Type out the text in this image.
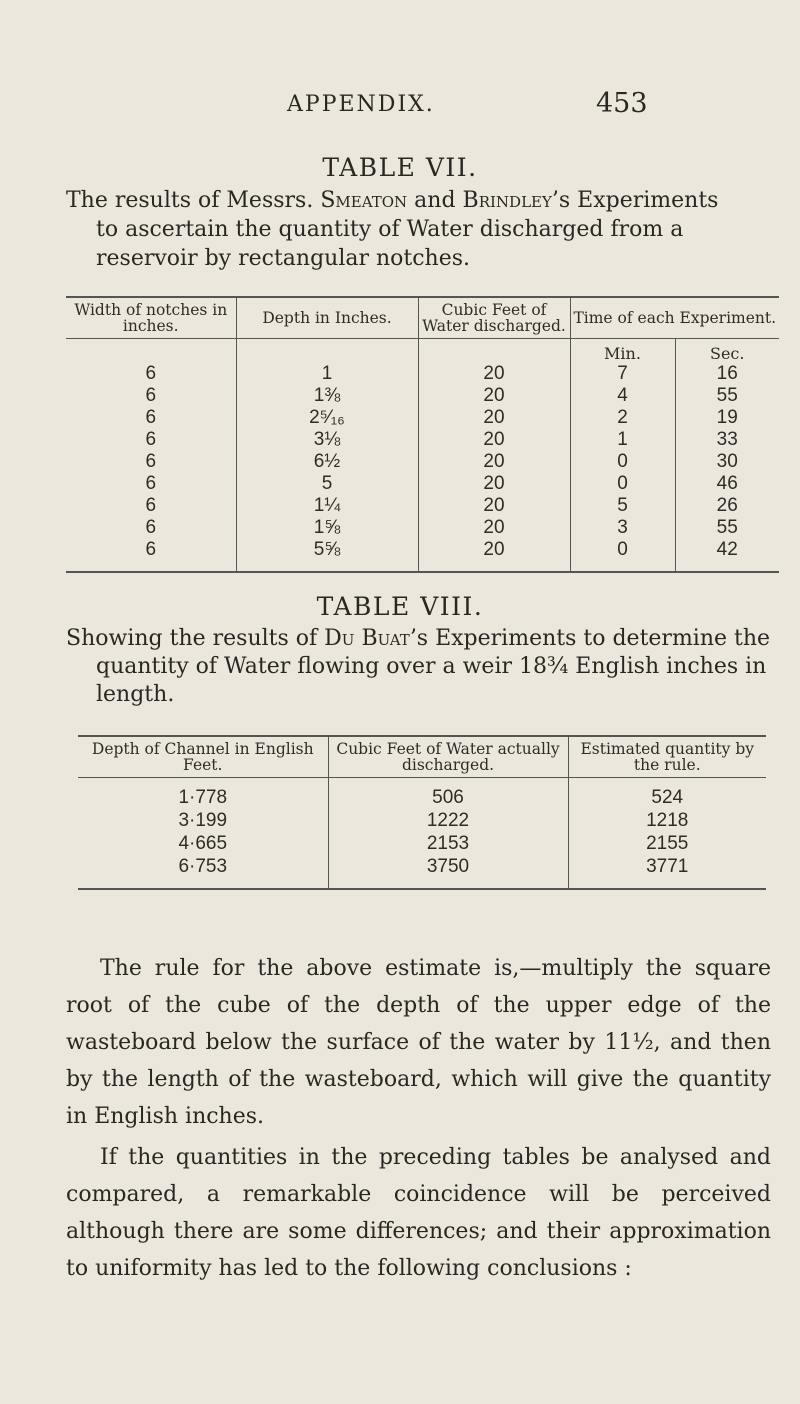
APPENDIX.	453
TABLE VII.
The results of Messrs. Smeaton and Brindley’s Experiments
to ascertain the quantity of Water discharged from a reservoir by rectangular notches.
Width of notches in inches.	Depth in Inches.	Cubic Feet of Water discharged.	Time of each Experiment.	
			Min.	Sec.
6	1	20	7	16
6	1⅜	20	4	55
6	2⁵⁄₁₆	20	2	19
6	3⅛	20	1	33
6	6½	20	0	30
6	5	20	0	46
6	1¼	20	5	26
6	1⅝	20	3	55
6	5⅝	20	0	42
TABLE VIII.
Showing the results of Du Buat’s Experiments to determine the
quantity of Water flowing over a weir 18¾ English inches in length.
Depth of Channel in English Feet.	Cubic Feet of Water actually discharged.	Estimated quantity by the rule.
1·778	506	524
3·199	1222	1218
4·665	2153	2155
6·753	3750	3771

The rule for the above estimate is,—multiply the square root of the cube of the depth of the upper edge of the wasteboard below the surface of the water by 11½, and then by the length of the wasteboard, which will give the quantity in English inches.

If the quantities in the preceding tables be analysed and compared, a remarkable coincidence will be perceived although there are some differences; and their approximation to uniformity has led to the following conclusions :
